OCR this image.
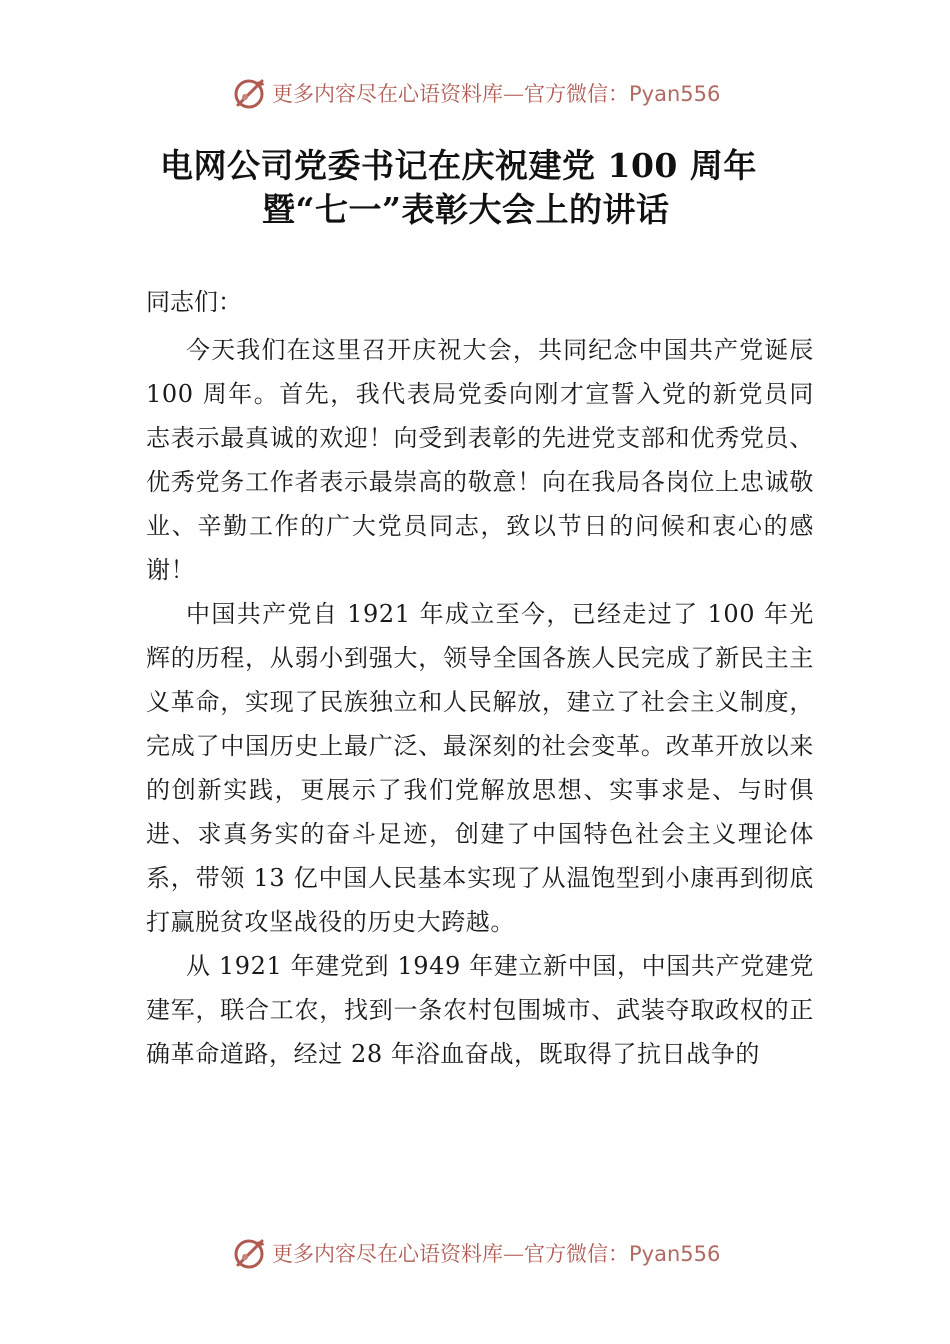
更多内容尽在心语资料库—官方微信：Pyan556
电网公司党委书记在庆祝建党 100 周年
暨“七一”表彰大会上的讲话

同志们：

今天我们在这里召开庆祝大会，共同纪念中国共产党诞辰 100 周年。首先，我代表局党委向刚才宣誓入党的新党员同志表示最真诚的欢迎！向受到表彰的先进党支部和优秀党员、优秀党务工作者表示最崇高的敬意！向在我局各岗位上忠诚敬业、辛勤工作的广大党员同志，致以节日的问候和衷心的感谢！

中国共产党自 1921 年成立至今，已经走过了 100 年光辉的历程，从弱小到强大，领导全国各族人民完成了新民主主义革命，实现了民族独立和人民解放，建立了社会主义制度， 完成了中国历史上最广泛、最深刻的社会变革。改革开放以来的创新实践，更展示了我们党解放思想、实事求是、与时俱进、求真务实的奋斗足迹，创建了中国特色社会主义理论体系，带领 13 亿中国人民基本实现了从温饱型到小康再到彻底打赢脱贫攻坚战役的历史大跨越。

从 1921 年建党到 1949 年建立新中国，中国共产党建党建军，联合工农，找到一条农村包围城市、武装夺取政权的正确革命道路，经过 28 年浴血奋战，既取得了抗日战争的

更多内容尽在心语资料库—官方微信：Pyan556
